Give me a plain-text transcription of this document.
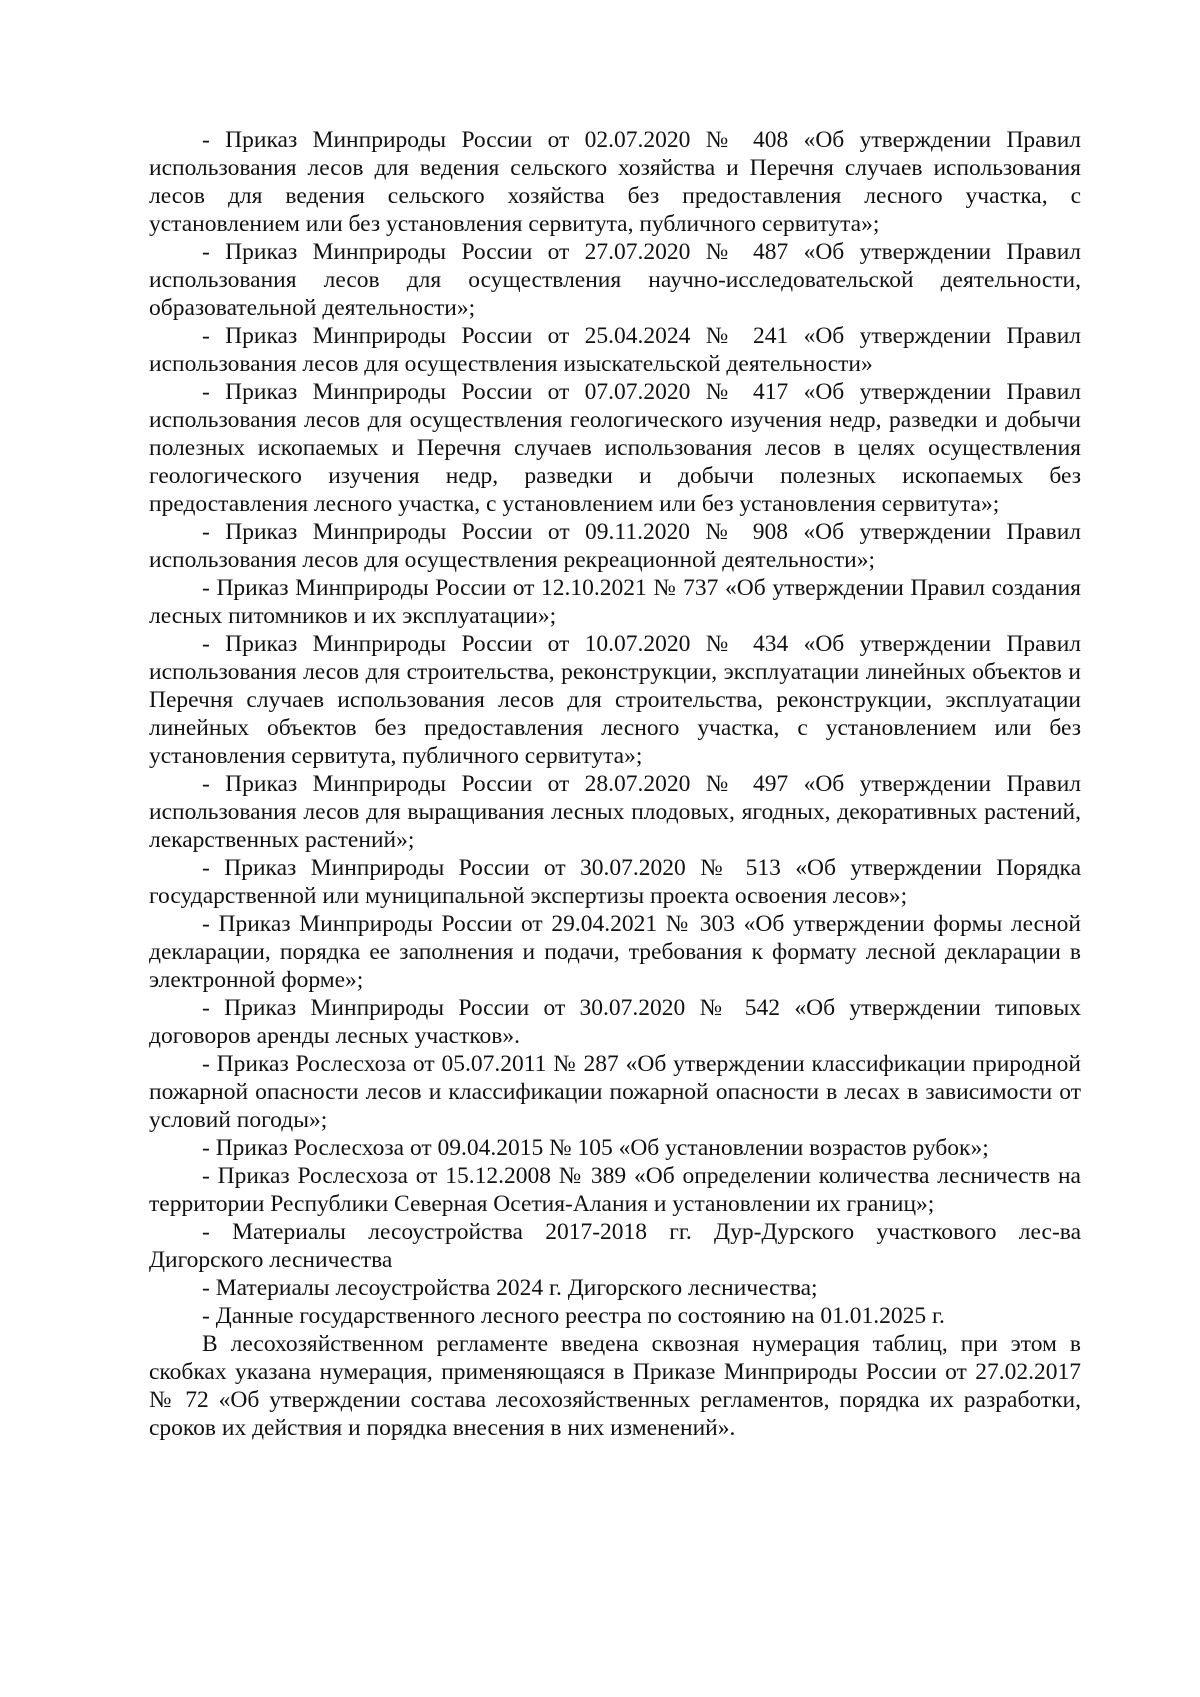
- Приказ Минприроды России от 02.07.2020 № 408 «Об утверждении Правил использования лесов для ведения сельского хозяйства и Перечня случаев использования лесов для ведения сельского хозяйства без предоставления лесного участка, с установлением или без установления сервитута, публичного сервитута»;

- Приказ Минприроды России от 27.07.2020 № 487 «Об утверждении Правил использования лесов для осуществления научно-исследовательской деятельности, образовательной деятельности»;

- Приказ Минприроды России от 25.04.2024 № 241 «Об утверждении Правил использования лесов для осуществления изыскательской деятельности»

- Приказ Минприроды России от 07.07.2020 № 417 «Об утверждении Правил использования лесов для осуществления геологического изучения недр, разведки и добычи полезных ископаемых и Перечня случаев использования лесов в целях осуществления геологического изучения недр, разведки и добычи полезных ископаемых без предоставления лесного участка, с установлением или без установления сервитута»;

- Приказ Минприроды России от 09.11.2020 № 908 «Об утверждении Правил использования лесов для осуществления рекреационной деятельности»;

- Приказ Минприроды России от 12.10.2021 № 737 «Об утверждении Правил создания лесных питомников и их эксплуатации»;

- Приказ Минприроды России от 10.07.2020 № 434 «Об утверждении Правил использования лесов для строительства, реконструкции, эксплуатации линейных объектов и Перечня случаев использования лесов для строительства, реконструкции, эксплуатации линейных объектов без предоставления лесного участка, с установлением или без установления сервитута, публичного сервитута»;

- Приказ Минприроды России от 28.07.2020 № 497 «Об утверждении Правил использования лесов для выращивания лесных плодовых, ягодных, декоративных растений, лекарственных растений»;

- Приказ Минприроды России от 30.07.2020 № 513 «Об утверждении Порядка государственной или муниципальной экспертизы проекта освоения лесов»;

- Приказ Минприроды России от 29.04.2021 № 303 «Об утверждении формы лесной декларации, порядка ее заполнения и подачи, требования к формату лесной декларации в электронной форме»;

- Приказ Минприроды России от 30.07.2020 № 542 «Об утверждении типовых договоров аренды лесных участков».

- Приказ Рослесхоза от 05.07.2011 № 287 «Об утверждении классификации природной пожарной опасности лесов и классификации пожарной опасности в лесах в зависимости от условий погоды»;

- Приказ Рослесхоза от 09.04.2015 № 105 «Об установлении возрастов рубок»;

- Приказ Рослесхоза от 15.12.2008 № 389 «Об определении количества лесничеств на территории Республики Северная Осетия-Алания и установлении их границ»;

- Материалы лесоустройства 2017-2018 гг. Дур-Дурского участкового лес-ва Дигорского лесничества

- Материалы лесоустройства 2024 г. Дигорского лесничества;

- Данные государственного лесного реестра по состоянию на 01.01.2025 г.

В лесохозяйственном регламенте введена сквозная нумерация таблиц, при этом в скобках указана нумерация, применяющаяся в Приказе Минприроды России от 27.02.2017 № 72 «Об утверждении состава лесохозяйственных регламентов, порядка их разработки, сроков их действия и порядка внесения в них изменений».
